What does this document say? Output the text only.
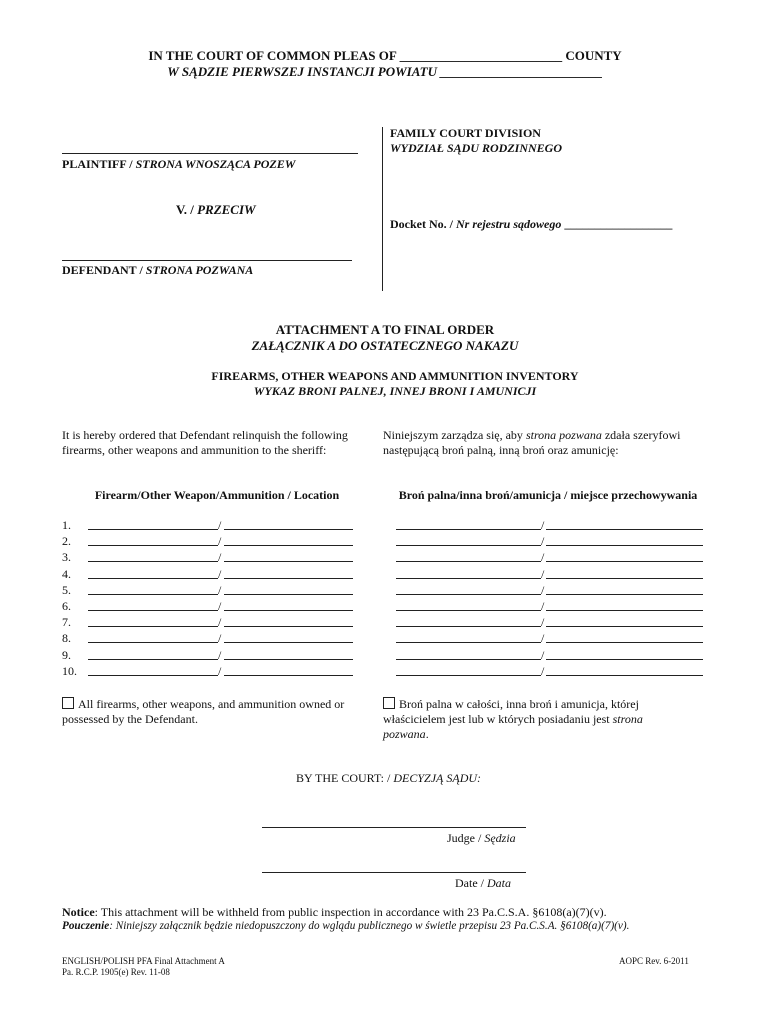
IN THE COURT OF COMMON PLEAS OF _________________________ COUNTY
W SĄDZIE PIERWSZEJ INSTANCJI POWIATU _________________________
PLAINTIFF / STRONA WNOSZĄCA POZEW
V. / PRZECIW
DEFENDANT / STRONA POZWANA
FAMILY COURT DIVISION
WYDZIAŁ SĄDU RODZINNEGO
Docket No. / Nr rejestru sądowego __________________
ATTACHMENT A TO FINAL ORDER
ZAŁĄCZNIK A DO OSTATECZNEGO NAKAZU
FIREARMS, OTHER WEAPONS AND AMMUNITION INVENTORY
WYKAZ BRONI PALNEJ, INNEJ BRONI I AMUNICJI
It is hereby ordered that Defendant relinquish the following firearms, other weapons and ammunition to the sheriff:
Niniejszym zarządza się, aby strona pozwana zdała szeryfowi następującą broń palną, inną broń oraz amunicję:
Firearm/Other Weapon/Ammunition / Location	Broń palna/inna broń/amunicja / miejsce przechowywania
1.	/	/
2.	/	/
3.	/	/
4.	/	/
5.	/	/
6.	/	/
7.	/	/
8.	/	/
9.	/	/
10.	/	/
All firearms, other weapons, and ammunition owned or possessed by the Defendant.
Broń palna w całości, inna broń i amunicja, której właścicielem jest lub w których posiadaniu jest strona pozwana.
BY THE COURT: / DECYZJĄ SĄDU:
Judge / Sędzia
Date / Data
Notice: This attachment will be withheld from public inspection in accordance with 23 Pa.C.S.A. §6108(a)(7)(v).
Pouczenie: Niniejszy załącznik będzie niedopuszczony do wglądu publicznego w świetle przepisu 23 Pa.C.S.A. §6108(a)(7)(v).
ENGLISH/POLISH PFA Final Attachment A
Pa. R.C.P. 1905(e) Rev. 11-08
AOPC Rev. 6-2011
